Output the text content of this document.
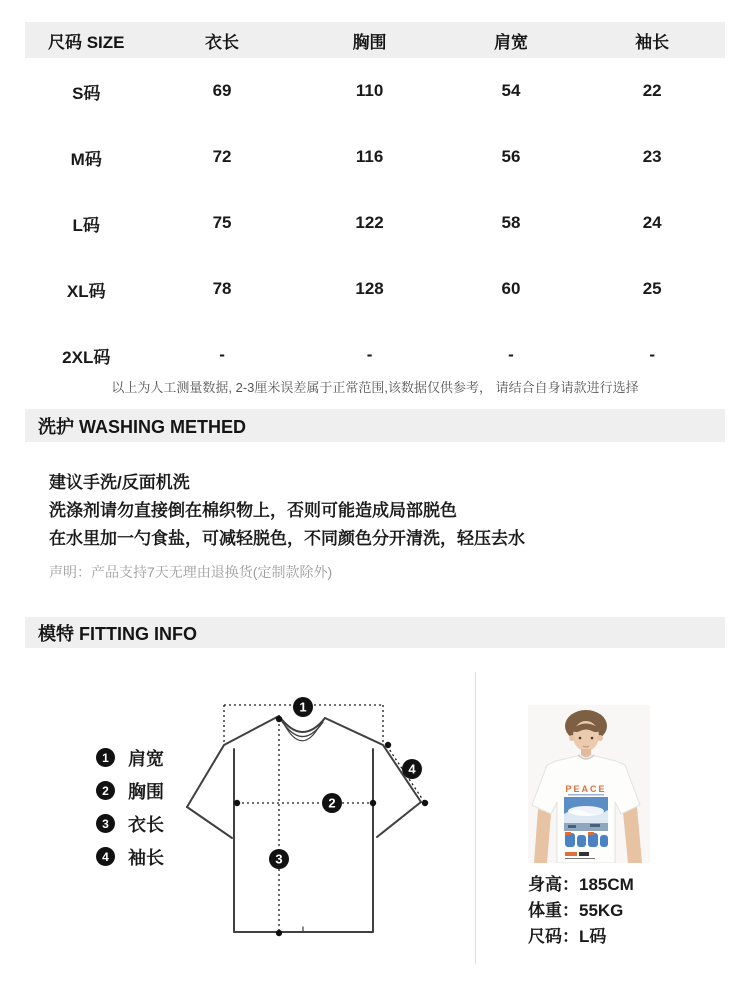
尺码 SIZE	衣长	胸围	肩宽	袖长
S码	69	110	54	22
M码	72	116	56	23
L码	75	122	58	24
XL码	78	128	60	25
2XL码	-	-	-	-
以上为人工测量数据, 2-3厘米误差属于正常范围,该数据仅供参考， 请结合自身请款进行选择
洗护 WASHING METHED
建议手洗/反面机洗
洗涤剂请勿直接倒在棉织物上，否则可能造成局部脱色
在水里加一勺食盐，可减轻脱色，不同颜色分开清洗，轻压去水
声明：产品支持7天无理由退换货(定制款除外)
模特 FITTING INFO
1	肩宽
2	胸围
3	衣长
4	袖长
1
2
3
4
PEACE
身高：185CM
体重：55KG
尺码：L码
